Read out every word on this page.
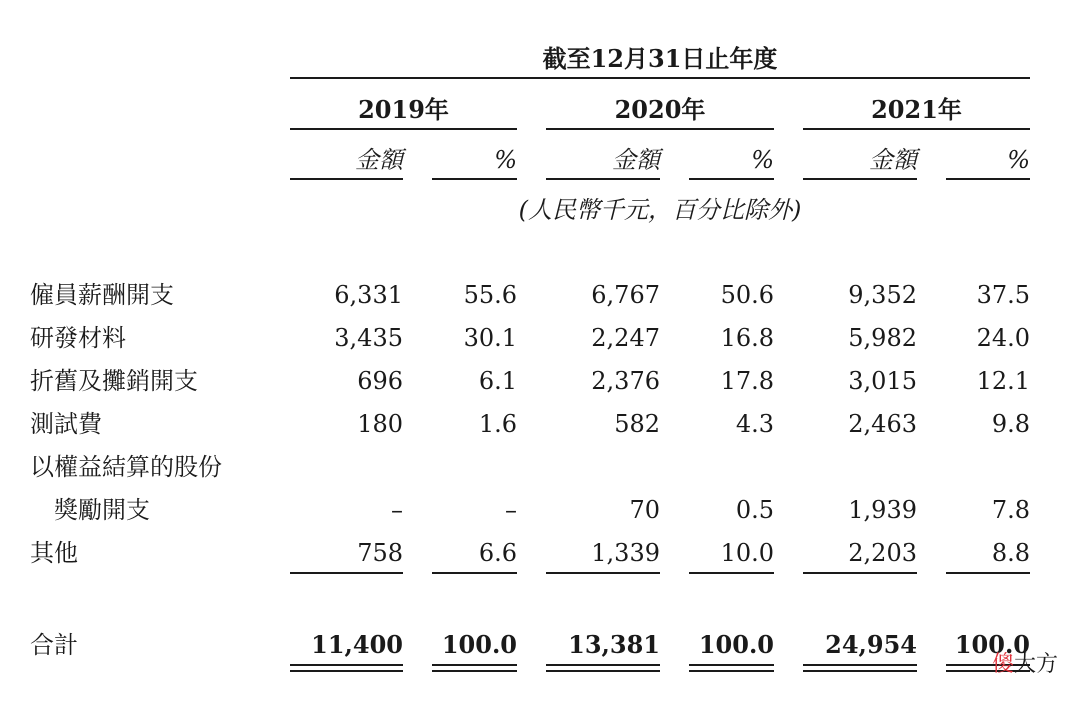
截至12月31日止年度
2019年	2020年	2021年
金額	%	金額	%	金額	%
(人民幣千元，百分比除外)
僱員薪酬開支	6,331	55.6	6,767	50.6	9,352	37.5
研發材料	3,435	30.1	2,247	16.8	5,982	24.0
折舊及攤銷開支	696	6.1	2,376	17.8	3,015	12.1
測試費	180	1.6	582	4.3	2,463	9.8
以權益結算的股份
獎勵開支	–	–	70	0.5	1,939	7.8
其他	758	6.6	1,339	10.0	2,203	8.8
合計	11,400	100.0	13,381	100.0	24,954	100.0
傻大方
